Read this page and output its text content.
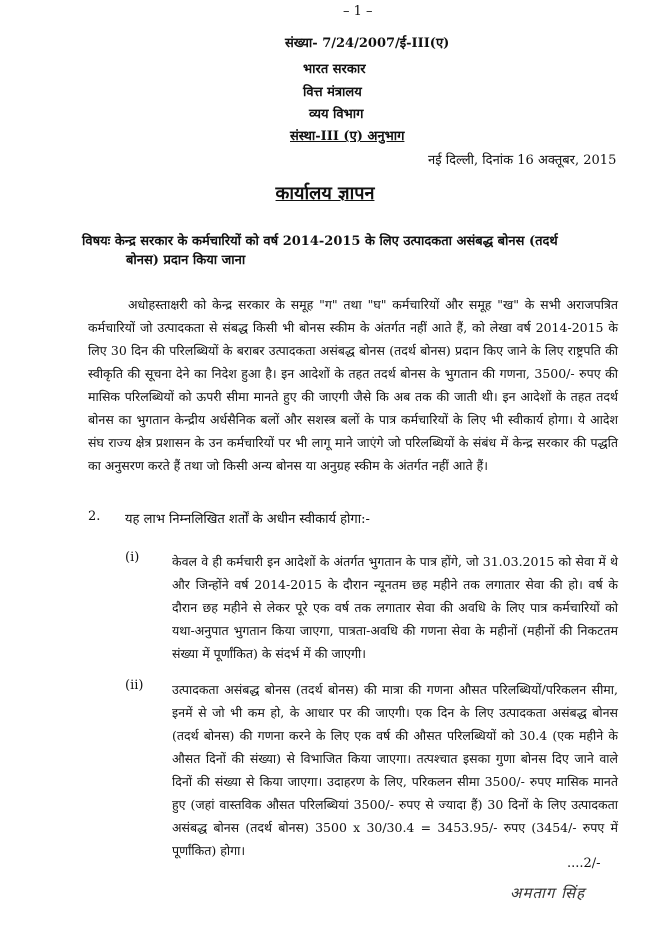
– 1 –
संख्या- 7/24/2007/ई-III(ए)
भारत सरकार
वित्त मंत्रालय
व्यय विभाग
संस्था-III (ए) अनुभाग
नई दिल्ली, दिनांक 16 अक्तूबर, 2015
कार्यालय ज्ञापन
विषयः केन्द्र सरकार के कर्मचारियों को वर्ष 2014-2015 के लिए उत्पादकता असंबद्ध बोनस (तदर्थ
बोनस) प्रदान किया जाना
अधोहस्ताक्षरी को केन्द्र सरकार के समूह "ग" तथा "घ" कर्मचारियों और समूह "ख" के सभी अराजपत्रित कर्मचारियों जो उत्पादकता से संबद्ध किसी भी बोनस स्कीम के अंतर्गत नहीं आते हैं, को लेखा वर्ष 2014-2015 के लिए 30 दिन की परिलब्धियों के बराबर उत्पादकता असंबद्ध बोनस (तदर्थ बोनस) प्रदान किए जाने के लिए राष्ट्रपति की स्वीकृति की सूचना देने का निदेश हुआ है। इन आदेशों के तहत तदर्थ बोनस के भुगतान की गणना, 3500/- रुपए की मासिक परिलब्धियों को ऊपरी सीमा मानते हुए की जाएगी जैसे कि अब तक की जाती थी। इन आदेशों के तहत तदर्थ बोनस का भुगतान केन्द्रीय अर्धसैनिक बलों और सशस्त्र बलों के पात्र कर्मचारियों के लिए भी स्वीकार्य होगा। ये आदेश संघ राज्य क्षेत्र प्रशासन के उन कर्मचारियों पर भी लागू माने जाएंगे जो परिलब्धियों के संबंध में केन्द्र सरकार की पद्धति का अनुसरण करते हैं तथा जो किसी अन्य बोनस या अनुग्रह स्कीम के अंतर्गत नहीं आते हैं।
2. यह लाभ निम्नलिखित शर्तों के अधीन स्वीकार्य होगा:-
(i)	केवल वे ही कर्मचारी इन आदेशों के अंतर्गत भुगतान के पात्र होंगे, जो 31.03.2015 को सेवा में थे और जिन्होंने वर्ष 2014-2015 के दौरान न्यूनतम छह महीने तक लगातार सेवा की हो। वर्ष के दौरान छह महीने से लेकर पूरे एक वर्ष तक लगातार सेवा की अवधि के लिए पात्र कर्मचारियों को यथा-अनुपात भुगतान किया जाएगा, पात्रता-अवधि की गणना सेवा के महीनों (महीनों की निकटतम संख्या में पूर्णांकित) के संदर्भ में की जाएगी।
(ii) उत्पादकता असंबद्ध बोनस (तदर्थ बोनस) की मात्रा की गणना औसत परिलब्धियों/परिकलन सीमा, इनमें से जो भी कम हो, के आधार पर की जाएगी। एक दिन के लिए उत्पादकता असंबद्ध बोनस (तदर्थ बोनस) की गणना करने के लिए एक वर्ष की औसत परिलब्धियों को 30.4 (एक महीने के औसत दिनों की संख्या) से विभाजित किया जाएगा। तत्पश्चात इसका गुणा बोनस दिए जाने वाले दिनों की संख्या से किया जाएगा। उदाहरण के लिए, परिकलन सीमा 3500/- रुपए मासिक मानते हुए (जहां वास्तविक औसत परिलब्धियां 3500/- रुपए से ज्यादा हैं) 30 दिनों के लिए उत्पादकता असंबद्ध बोनस (तदर्थ बोनस) 3500 x 30/30.4 = 3453.95/- रुपए (3454/- रुपए में पूर्णांकित) होगा।
....2/-
अमताग सिंह
